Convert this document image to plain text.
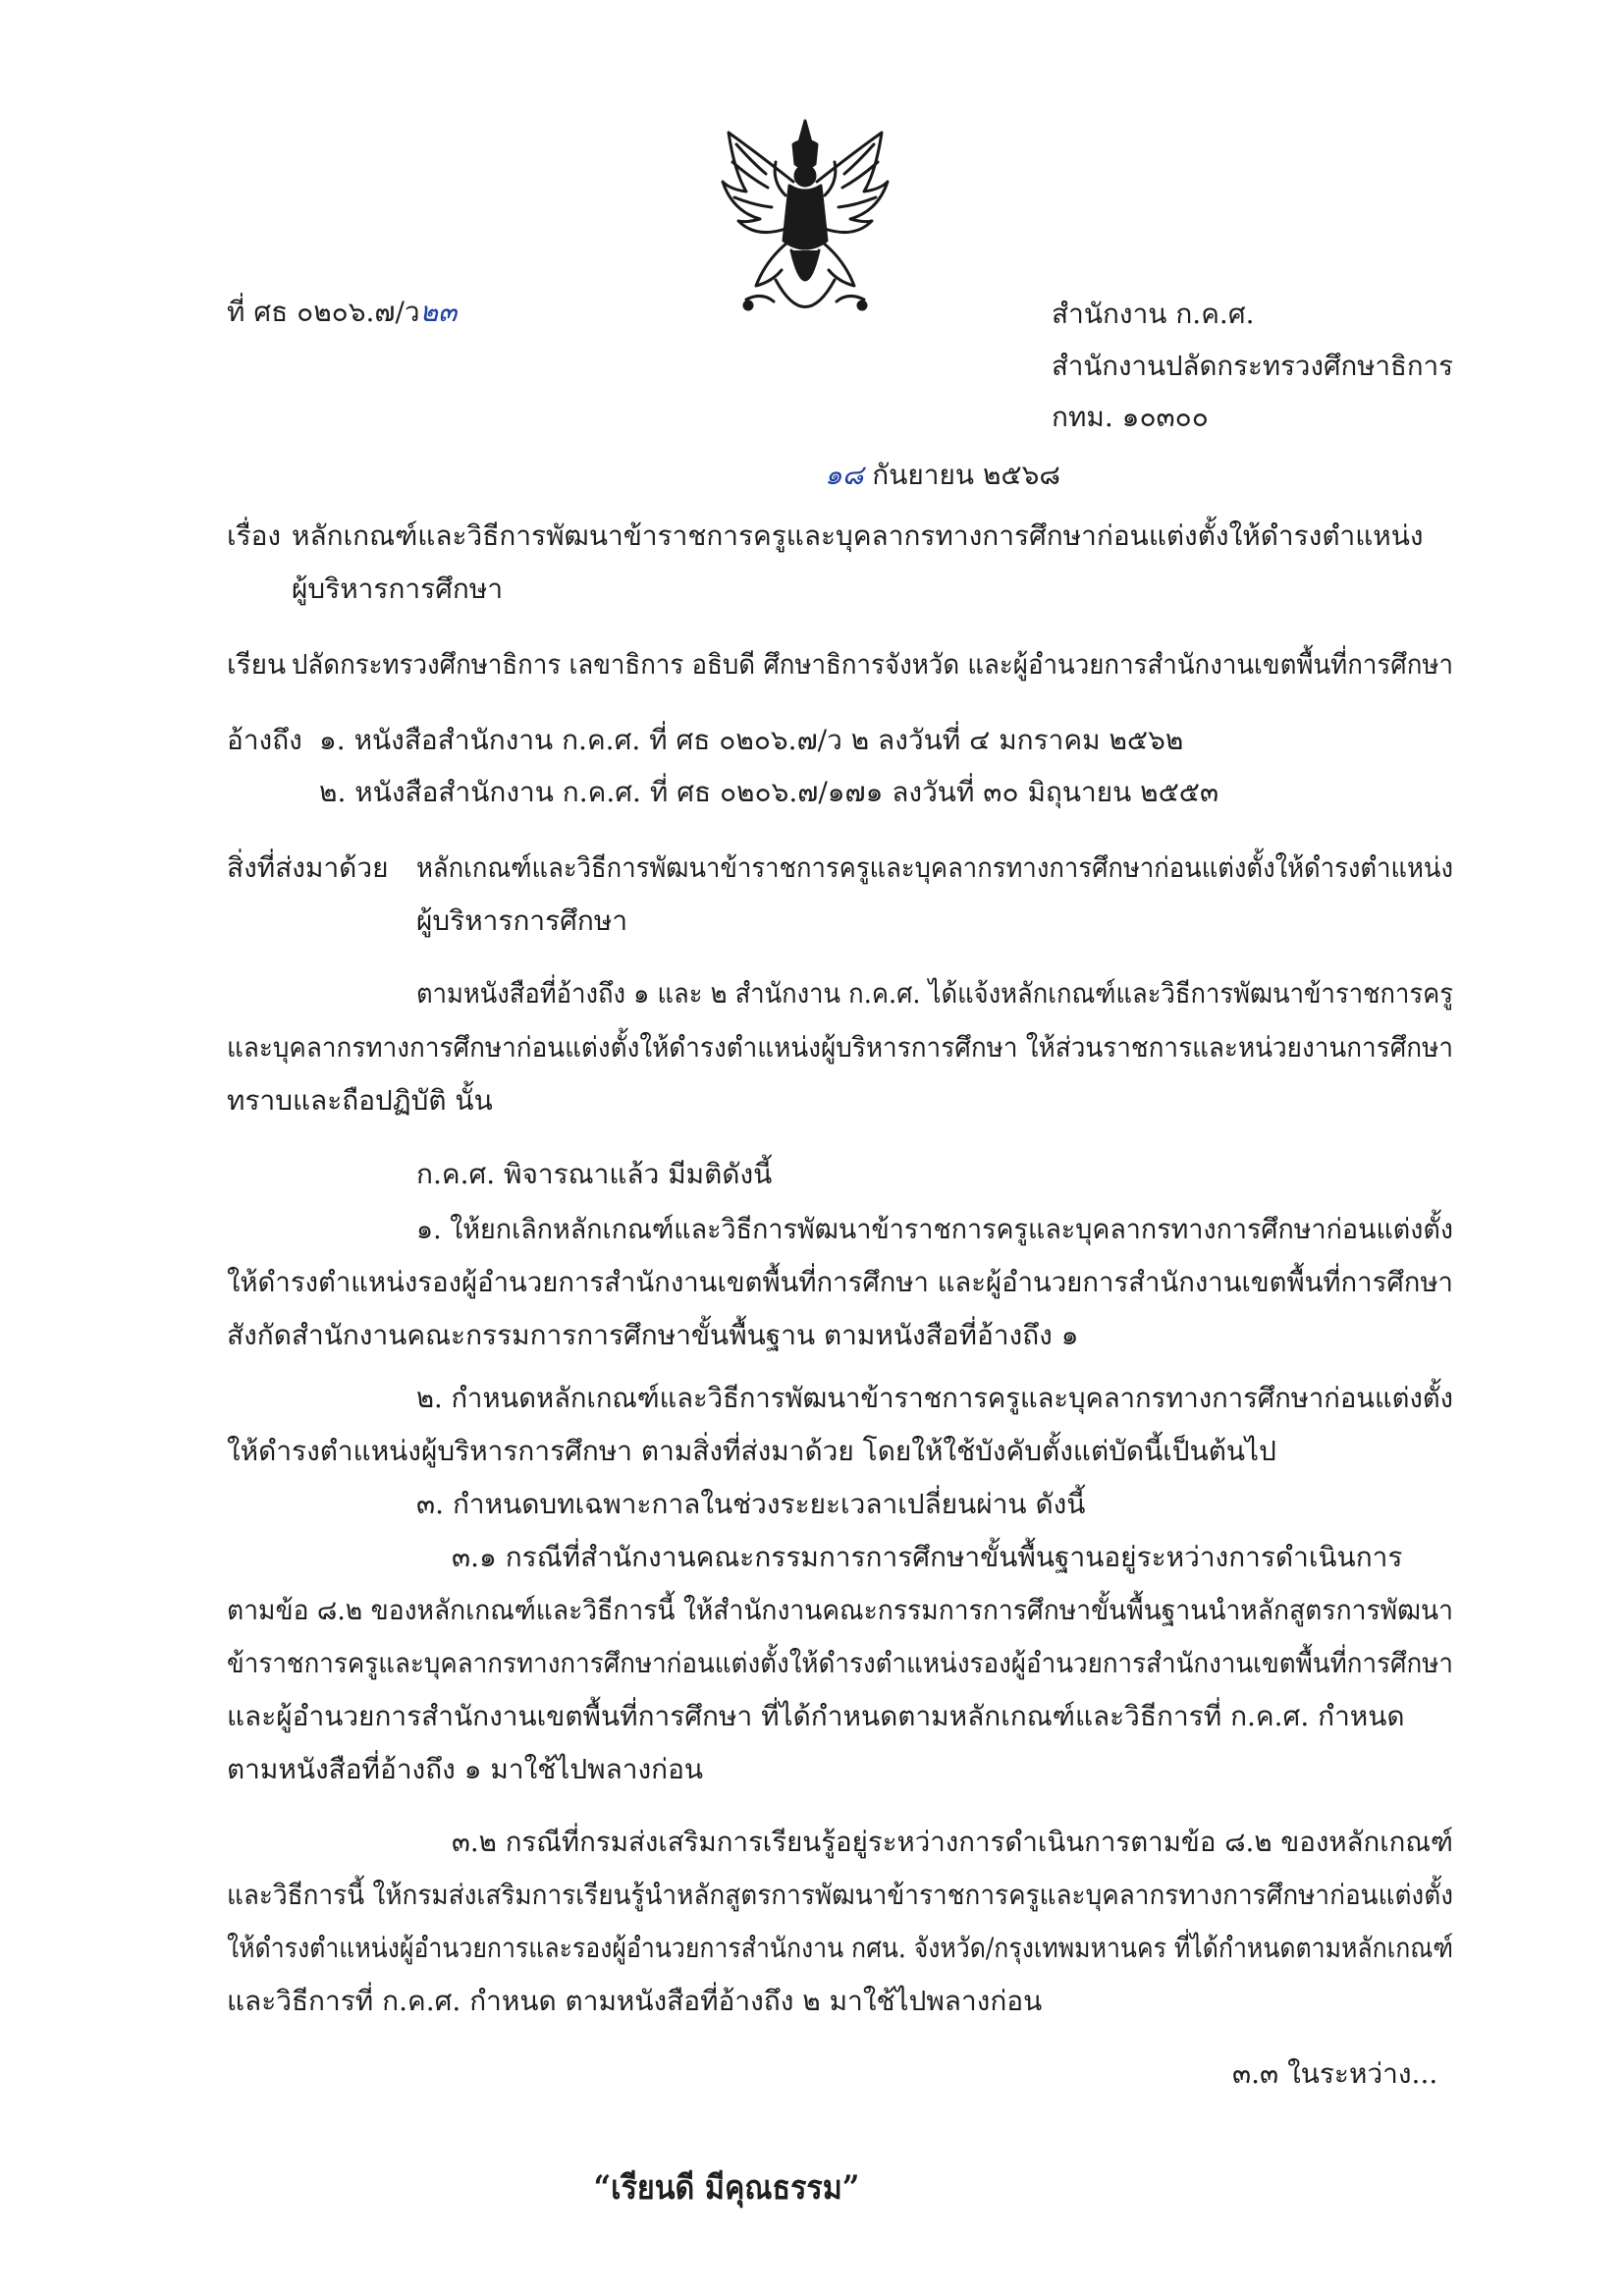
ที่ ศธ ๐๒๐๖.๗/ว๒๓	สำนักงาน ก.ค.ศ.
สำนักงานปลัดกระทรวงศึกษาธิการ
กทม. ๑๐๓๐๐
๑๘ กันยายน ๒๕๖๘
เรื่อง หลักเกณฑ์และวิธีการพัฒนาข้าราชการครูและบุคลากรทางการศึกษาก่อนแต่งตั้งให้ดำรงตำแหน่ง
ผู้บริหารการศึกษา
เรียน ปลัดกระทรวงศึกษาธิการ เลขาธิการ อธิบดี ศึกษาธิการจังหวัด และผู้อำนวยการสำนักงานเขตพื้นที่การศึกษา
อ้างถึง ๑. หนังสือสำนักงาน ก.ค.ศ. ที่ ศธ ๐๒๐๖.๗/ว ๒ ลงวันที่ ๔ มกราคม ๒๕๖๒
๒. หนังสือสำนักงาน ก.ค.ศ. ที่ ศธ ๐๒๐๖.๗/๑๗๑ ลงวันที่ ๓๐ มิถุนายน ๒๕๕๓
สิ่งที่ส่งมาด้วย หลักเกณฑ์และวิธีการพัฒนาข้าราชการครูและบุคลากรทางการศึกษาก่อนแต่งตั้งให้ดำรงตำแหน่ง
ผู้บริหารการศึกษา
ตามหนังสือที่อ้างถึง ๑ และ ๒ สำนักงาน ก.ค.ศ. ได้แจ้งหลักเกณฑ์และวิธีการพัฒนาข้าราชการครู
และบุคลากรทางการศึกษาก่อนแต่งตั้งให้ดำรงตำแหน่งผู้บริหารการศึกษา ให้ส่วนราชการและหน่วยงานการศึกษา
ทราบและถือปฏิบัติ นั้น
ก.ค.ศ. พิจารณาแล้ว มีมติดังนี้
๑. ให้ยกเลิกหลักเกณฑ์และวิธีการพัฒนาข้าราชการครูและบุคลากรทางการศึกษาก่อนแต่งตั้ง
ให้ดำรงตำแหน่งรองผู้อำนวยการสำนักงานเขตพื้นที่การศึกษา และผู้อำนวยการสำนักงานเขตพื้นที่การศึกษา
สังกัดสำนักงานคณะกรรมการการศึกษาขั้นพื้นฐาน ตามหนังสือที่อ้างถึง ๑
๒. กำหนดหลักเกณฑ์และวิธีการพัฒนาข้าราชการครูและบุคลากรทางการศึกษาก่อนแต่งตั้ง
ให้ดำรงตำแหน่งผู้บริหารการศึกษา ตามสิ่งที่ส่งมาด้วย โดยให้ใช้บังคับตั้งแต่บัดนี้เป็นต้นไป
๓. กำหนดบทเฉพาะกาลในช่วงระยะเวลาเปลี่ยนผ่าน ดังนี้
๓.๑ กรณีที่สำนักงานคณะกรรมการการศึกษาขั้นพื้นฐานอยู่ระหว่างการดำเนินการ
ตามข้อ ๘.๒ ของหลักเกณฑ์และวิธีการนี้ ให้สำนักงานคณะกรรมการการศึกษาขั้นพื้นฐานนำหลักสูตรการพัฒนา
ข้าราชการครูและบุคลากรทางการศึกษาก่อนแต่งตั้งให้ดำรงตำแหน่งรองผู้อำนวยการสำนักงานเขตพื้นที่การศึกษา
และผู้อำนวยการสำนักงานเขตพื้นที่การศึกษา ที่ได้กำหนดตามหลักเกณฑ์และวิธีการที่ ก.ค.ศ. กำหนด
ตามหนังสือที่อ้างถึง ๑ มาใช้ไปพลางก่อน
๓.๒ กรณีที่กรมส่งเสริมการเรียนรู้อยู่ระหว่างการดำเนินการตามข้อ ๘.๒ ของหลักเกณฑ์
และวิธีการนี้ ให้กรมส่งเสริมการเรียนรู้นำหลักสูตรการพัฒนาข้าราชการครูและบุคลากรทางการศึกษาก่อนแต่งตั้ง
ให้ดำรงตำแหน่งผู้อำนวยการและรองผู้อำนวยการสำนักงาน กศน. จังหวัด/กรุงเทพมหานคร ที่ได้กำหนดตามหลักเกณฑ์
และวิธีการที่ ก.ค.ศ. กำหนด ตามหนังสือที่อ้างถึง ๒ มาใช้ไปพลางก่อน
๓.๓ ในระหว่าง...
“เรียนดี มีคุณธรรม”
